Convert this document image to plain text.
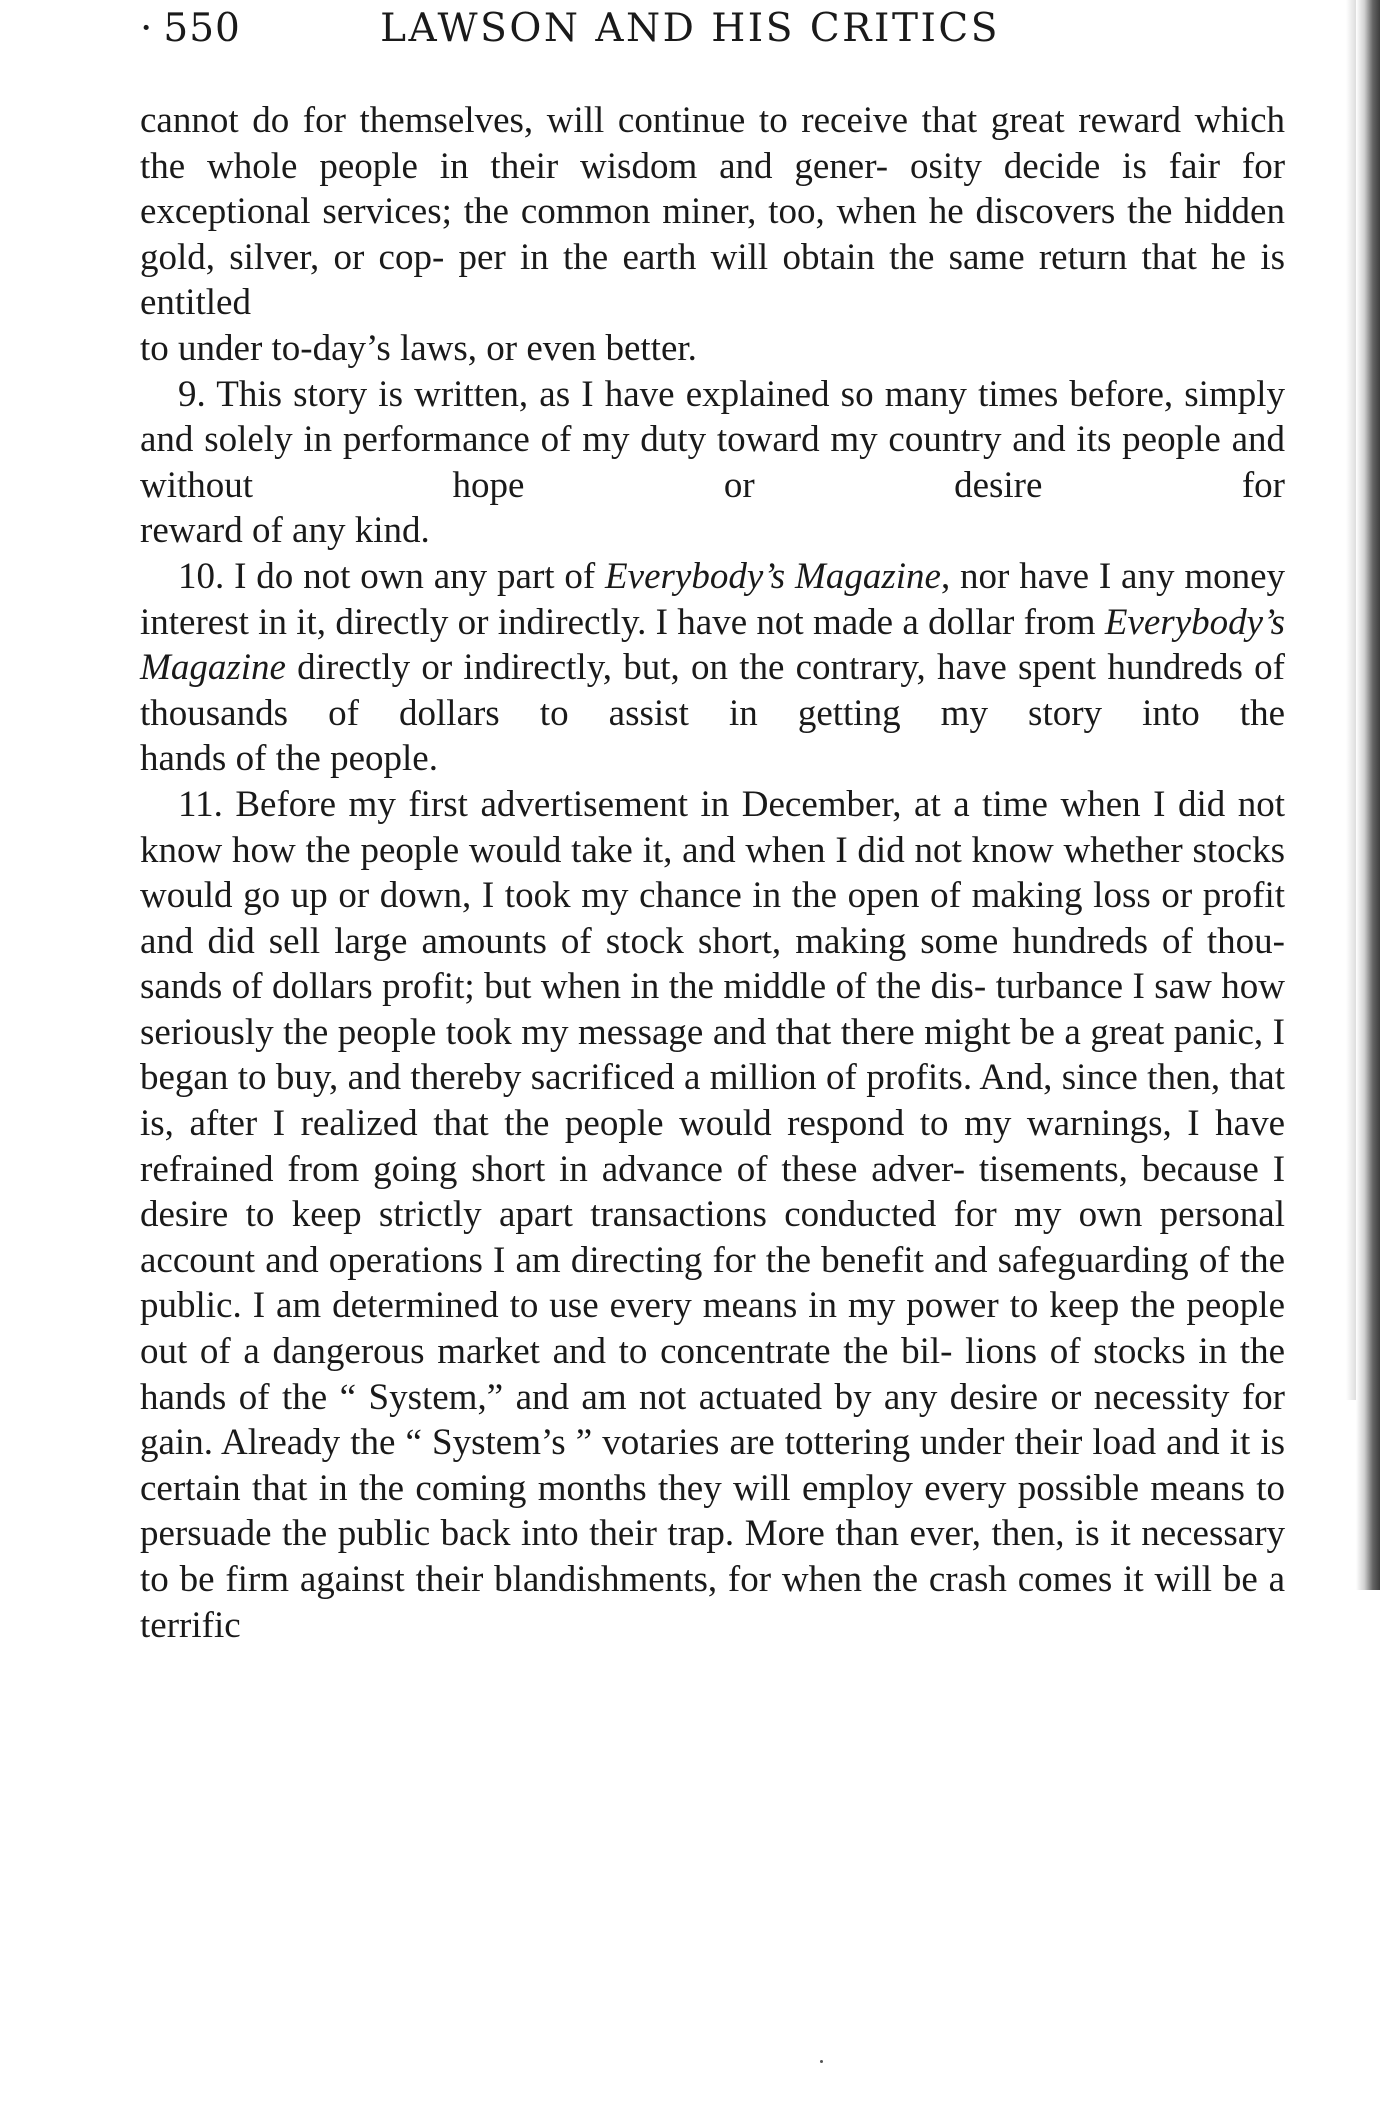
· 550	LAWSON AND HIS CRITICS

cannot do for themselves, will continue to receive that great reward which the whole people in their wisdom and gener- osity decide is fair for exceptional services; the common miner, too, when he discovers the hidden gold, silver, or cop- per in the earth will obtain the same return that he is entitled

to under to-day’s laws, or even better.

9. This story is written, as I have explained so many times before, simply and solely in performance of my duty toward my country and its people and without hope or desire for

reward of any kind.

10. I do not own any part of Everybody’s Magazine, nor have I any money interest in it, directly or indirectly. I have not made a dollar from Everybody’s Magazine directly or indirectly, but, on the contrary, have spent hundreds of thousands of dollars to assist in getting my story into the

hands of the people.

11. Before my first advertisement in December, at a time when I did not know how the people would take it, and when I did not know whether stocks would go up or down, I took my chance in the open of making loss or profit and did sell large amounts of stock short, making some hundreds of thou- sands of dollars profit; but when in the middle of the dis- turbance I saw how seriously the people took my message and that there might be a great panic, I began to buy, and thereby sacrificed a million of profits. And, since then, that is, after I realized that the people would respond to my warnings, I have refrained from going short in advance of these adver- tisements, because I desire to keep strictly apart transactions conducted for my own personal account and operations I am directing for the benefit and safeguarding of the public. I am determined to use every means in my power to keep the people out of a dangerous market and to concentrate the bil- lions of stocks in the hands of the “ System,” and am not actuated by any desire or necessity for gain. Already the “ System’s ” votaries are tottering under their load and it is certain that in the coming months they will employ every possible means to persuade the public back into their trap. More than ever, then, is it necessary to be firm against their blandishments, for when the crash comes it will be a terrific
